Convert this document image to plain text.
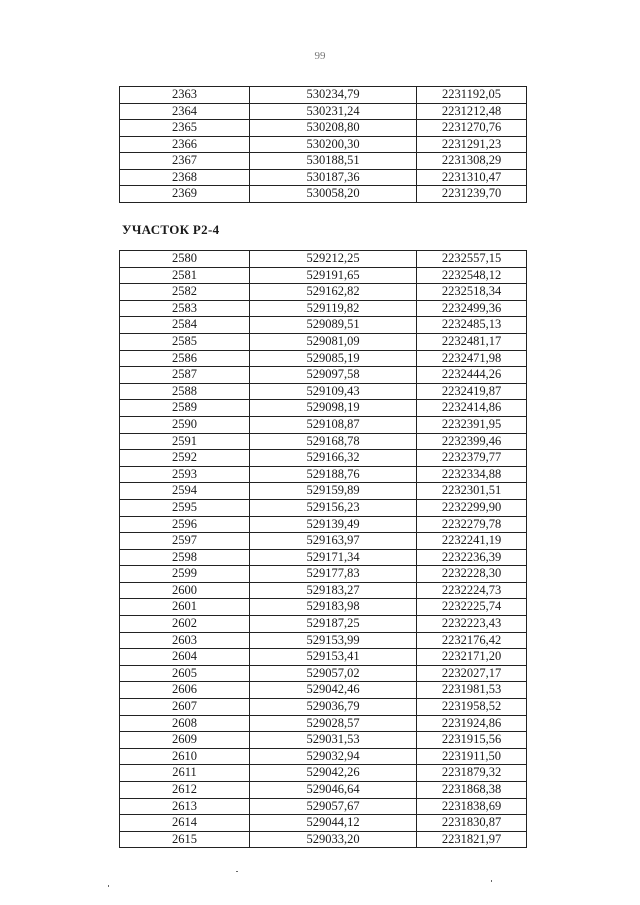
99
2363	530234,79	2231192,05
2364	530231,24	2231212,48
2365	530208,80	2231270,76
2366	530200,30	2231291,23
2367	530188,51	2231308,29
2368	530187,36	2231310,47
2369	530058,20	2231239,70
УЧАСТОК Р2-4
2580	529212,25	2232557,15
2581	529191,65	2232548,12
2582	529162,82	2232518,34
2583	529119,82	2232499,36
2584	529089,51	2232485,13
2585	529081,09	2232481,17
2586	529085,19	2232471,98
2587	529097,58	2232444,26
2588	529109,43	2232419,87
2589	529098,19	2232414,86
2590	529108,87	2232391,95
2591	529168,78	2232399,46
2592	529166,32	2232379,77
2593	529188,76	2232334,88
2594	529159,89	2232301,51
2595	529156,23	2232299,90
2596	529139,49	2232279,78
2597	529163,97	2232241,19
2598	529171,34	2232236,39
2599	529177,83	2232228,30
2600	529183,27	2232224,73
2601	529183,98	2232225,74
2602	529187,25	2232223,43
2603	529153,99	2232176,42
2604	529153,41	2232171,20
2605	529057,02	2232027,17
2606	529042,46	2231981,53
2607	529036,79	2231958,52
2608	529028,57	2231924,86
2609	529031,53	2231915,56
2610	529032,94	2231911,50
2611	529042,26	2231879,32
2612	529046,64	2231868,38
2613	529057,67	2231838,69
2614	529044,12	2231830,87
2615	529033,20	2231821,97
